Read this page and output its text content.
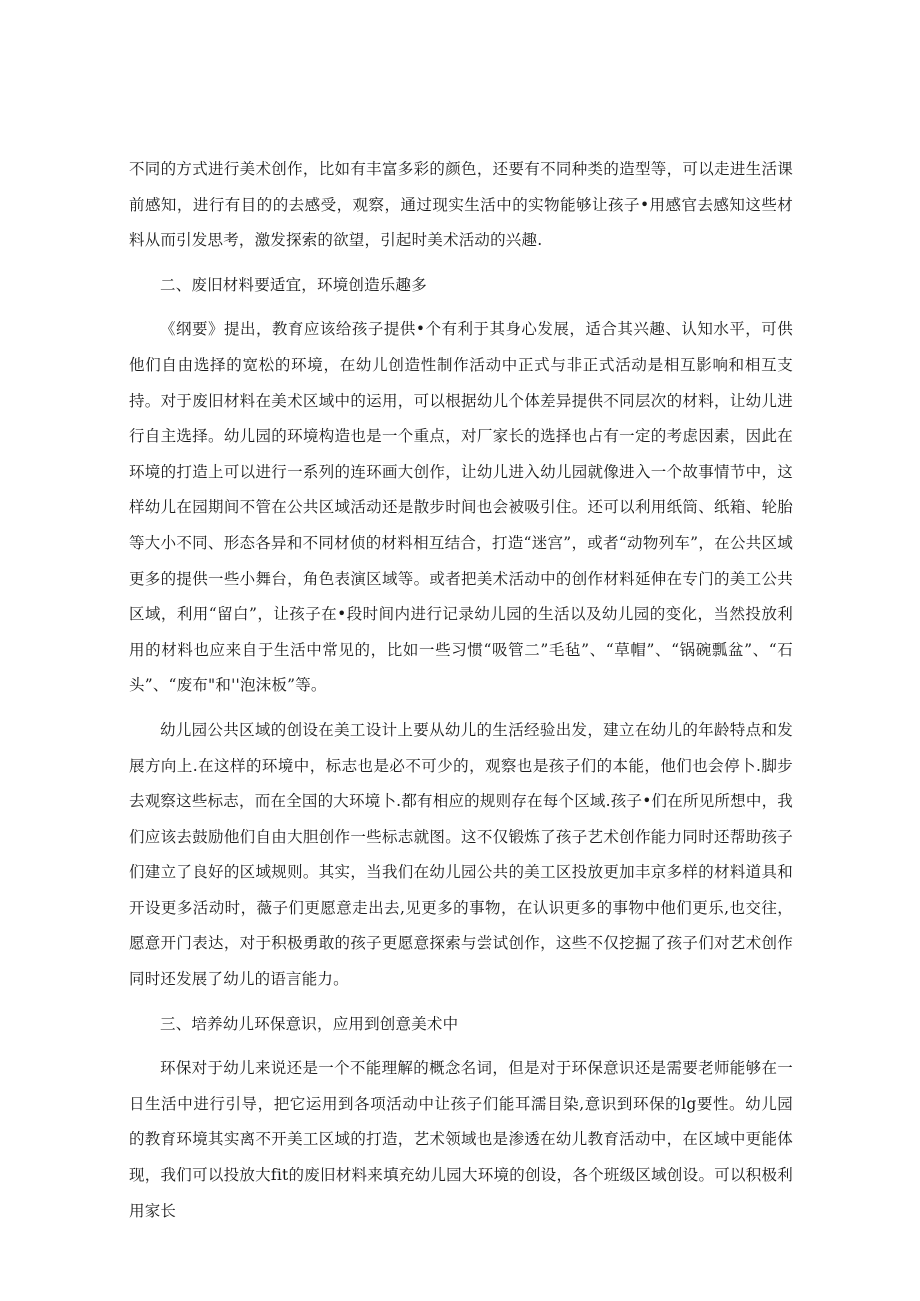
不同的方式进行美术创作，比如有丰富多彩的颜色，还要有不同种类的造型等，可以走进生活课前感知，进行有目的的去感受，观察，通过现实生活中的实物能够让孩子•用感官去感知这些材料从而引发思考，激发探索的欲望，引起时美术活动的兴趣.

二、废旧材料要适宜，环境创造乐趣多

《纲要》提出，教育应该给孩子提供•个有利于其身心发展，适合其兴趣、认知水平，可供他们自由选择的宽松的环境，在幼儿创造性制作活动中正式与非正式活动是相互影响和相互支持。对于废旧材料在美术区域中的运用，可以根据幼儿个体差异提供不同层次的材料，让幼儿进行自主选择。幼儿园的环境构造也是一个重点，对厂家长的选择也占有一定的考虑因素，因此在环境的打造上可以进行一系列的连环画大创作，让幼儿进入幼儿园就像进入一个故事情节中，这样幼儿在园期间不管在公共区域活动还是散步时间也会被吸引住。还可以利用纸筒、纸箱、轮胎等大小不同、形态各异和不同材侦的材料相互结合，打造“迷宫”，或者“动物列车”，在公共区域更多的提供一些小舞台，角色表演区域等。或者把美术活动中的创作材料延伸在专门的美工公共区域，利用“留白”，让孩子在•段时间内进行记录幼儿园的生活以及幼儿园的变化，当然投放利用的材料也应来自于生活中常见的，比如一些习惯“吸管二”毛毡”、“草帽”、“锅碗瓢盆”、“石头”、“废布"和''泡沫板”等。

幼儿园公共区域的创设在美工设计上要从幼儿的生活经验出发，建立在幼儿的年龄特点和发展方向上.在这样的环境中，标志也是必不可少的，观察也是孩子们的本能，他们也会停卜.脚步去观察这些标志，而在全国的大环境卜.都有相应的规则存在每个区域.孩子•们在所见所想中，我们应该去鼓励他们自由大胆创作一些标志就图。这不仅锻炼了孩子艺术创作能力同时还帮助孩子们建立了良好的区域规则。其实，当我们在幼儿园公共的美工区投放更加丰京多样的材料道具和开设更多活动时，薇子们更愿意走出去,见更多的事物，在认识更多的事物中他们更乐,也交往，愿意开门表达，对于积极勇敢的孩子更愿意探索与尝试创作，这些不仅挖掘了孩子们对艺术创作同时还发展了幼儿的语言能力。

三、培养幼儿环保意识，应用到创意美术中

环保对于幼儿来说还是一个不能理解的概念名词，但是对于环保意识还是需要老师能够在一日生活中进行引导，把它运用到各项活动中让孩子们能耳濡目染,意识到环保的lg要性。幼儿园的教育环境其实离不开美工区域的打造，艺术领域也是渗透在幼儿教育活动中，在区域中更能体现，我们可以投放大fit的废旧材料来填充幼儿园大环境的创设，各个班级区域创设。可以积极利用家长
